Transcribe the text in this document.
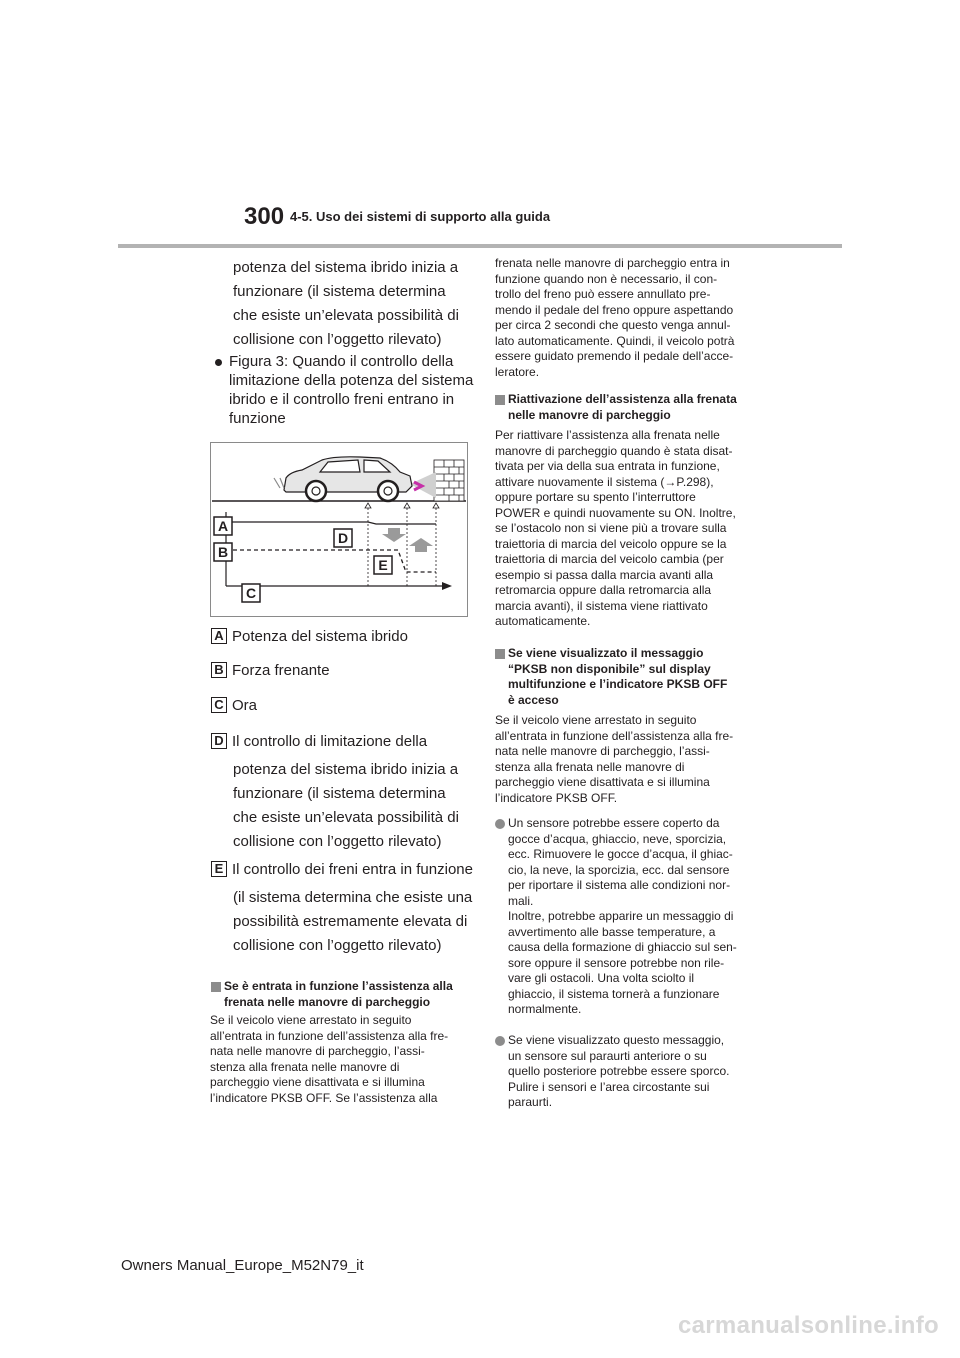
300 4-5. Uso dei sistemi di supporto alla guida
potenza del sistema ibrido inizia a
funzionare (il sistema determina
che esiste un’elevata possibilità di
collisione con l’oggetto rilevato)
Figura 3: Quando il controllo della
limitazione della potenza del sistema
ibrido e il controllo freni entrano in
funzione
A
B
C
D
E
A Potenza del sistema ibrido
B Forza frenante
C Ora
D Il controllo di limitazione della
potenza del sistema ibrido inizia a
funzionare (il sistema determina
che esiste un’elevata possibilità di
collisione con l’oggetto rilevato)
E Il controllo dei freni entra in funzione
(il sistema determina che esiste una
possibilità estremamente elevata di
collisione con l’oggetto rilevato)
Se è entrata in funzione l’assistenza alla
frenata nelle manovre di parcheggio
Se il veicolo viene arrestato in seguito
all’entrata in funzione dell’assistenza alla fre-
nata nelle manovre di parcheggio, l’assi-
stenza alla frenata nelle manovre di
parcheggio viene disattivata e si illumina
l’indicatore PKSB OFF. Se l’assistenza alla
frenata nelle manovre di parcheggio entra in
funzione quando non è necessario, il con-
trollo del freno può essere annullato pre-
mendo il pedale del freno oppure aspettando
per circa 2 secondi che questo venga annul-
lato automaticamente. Quindi, il veicolo potrà
essere guidato premendo il pedale dell’acce-
leratore.
Riattivazione dell’assistenza alla frenata
nelle manovre di parcheggio
Per riattivare l’assistenza alla frenata nelle
manovre di parcheggio quando è stata disat-
tivata per via della sua entrata in funzione,
attivare nuovamente il sistema (→P.298),
oppure portare su spento l’interruttore
POWER e quindi nuovamente su ON. Inoltre,
se l’ostacolo non si viene più a trovare sulla
traiettoria di marcia del veicolo oppure se la
traiettoria di marcia del veicolo cambia (per
esempio si passa dalla marcia avanti alla
retromarcia oppure dalla retromarcia alla
marcia avanti), il sistema viene riattivato
automaticamente.
Se viene visualizzato il messaggio
“PKSB non disponibile” sul display
multifunzione e l’indicatore PKSB OFF
è acceso
Se il veicolo viene arrestato in seguito
all’entrata in funzione dell’assistenza alla fre-
nata nelle manovre di parcheggio, l’assi-
stenza alla frenata nelle manovre di
parcheggio viene disattivata e si illumina
l’indicatore PKSB OFF.
Un sensore potrebbe essere coperto da
gocce d’acqua, ghiaccio, neve, sporcizia,
ecc. Rimuovere le gocce d’acqua, il ghiac-
cio, la neve, la sporcizia, ecc. dal sensore
per riportare il sistema alle condizioni nor-
mali.
Inoltre, potrebbe apparire un messaggio di
avvertimento alle basse temperature, a
causa della formazione di ghiaccio sul sen-
sore oppure il sensore potrebbe non rile-
vare gli ostacoli. Una volta sciolto il
ghiaccio, il sistema tornerà a funzionare
normalmente.
Se viene visualizzato questo messaggio,
un sensore sul paraurti anteriore o su
quello posteriore potrebbe essere sporco.
Pulire i sensori e l’area circostante sui
paraurti.
Owners Manual_Europe_M52N79_it
carmanualsonline.info
